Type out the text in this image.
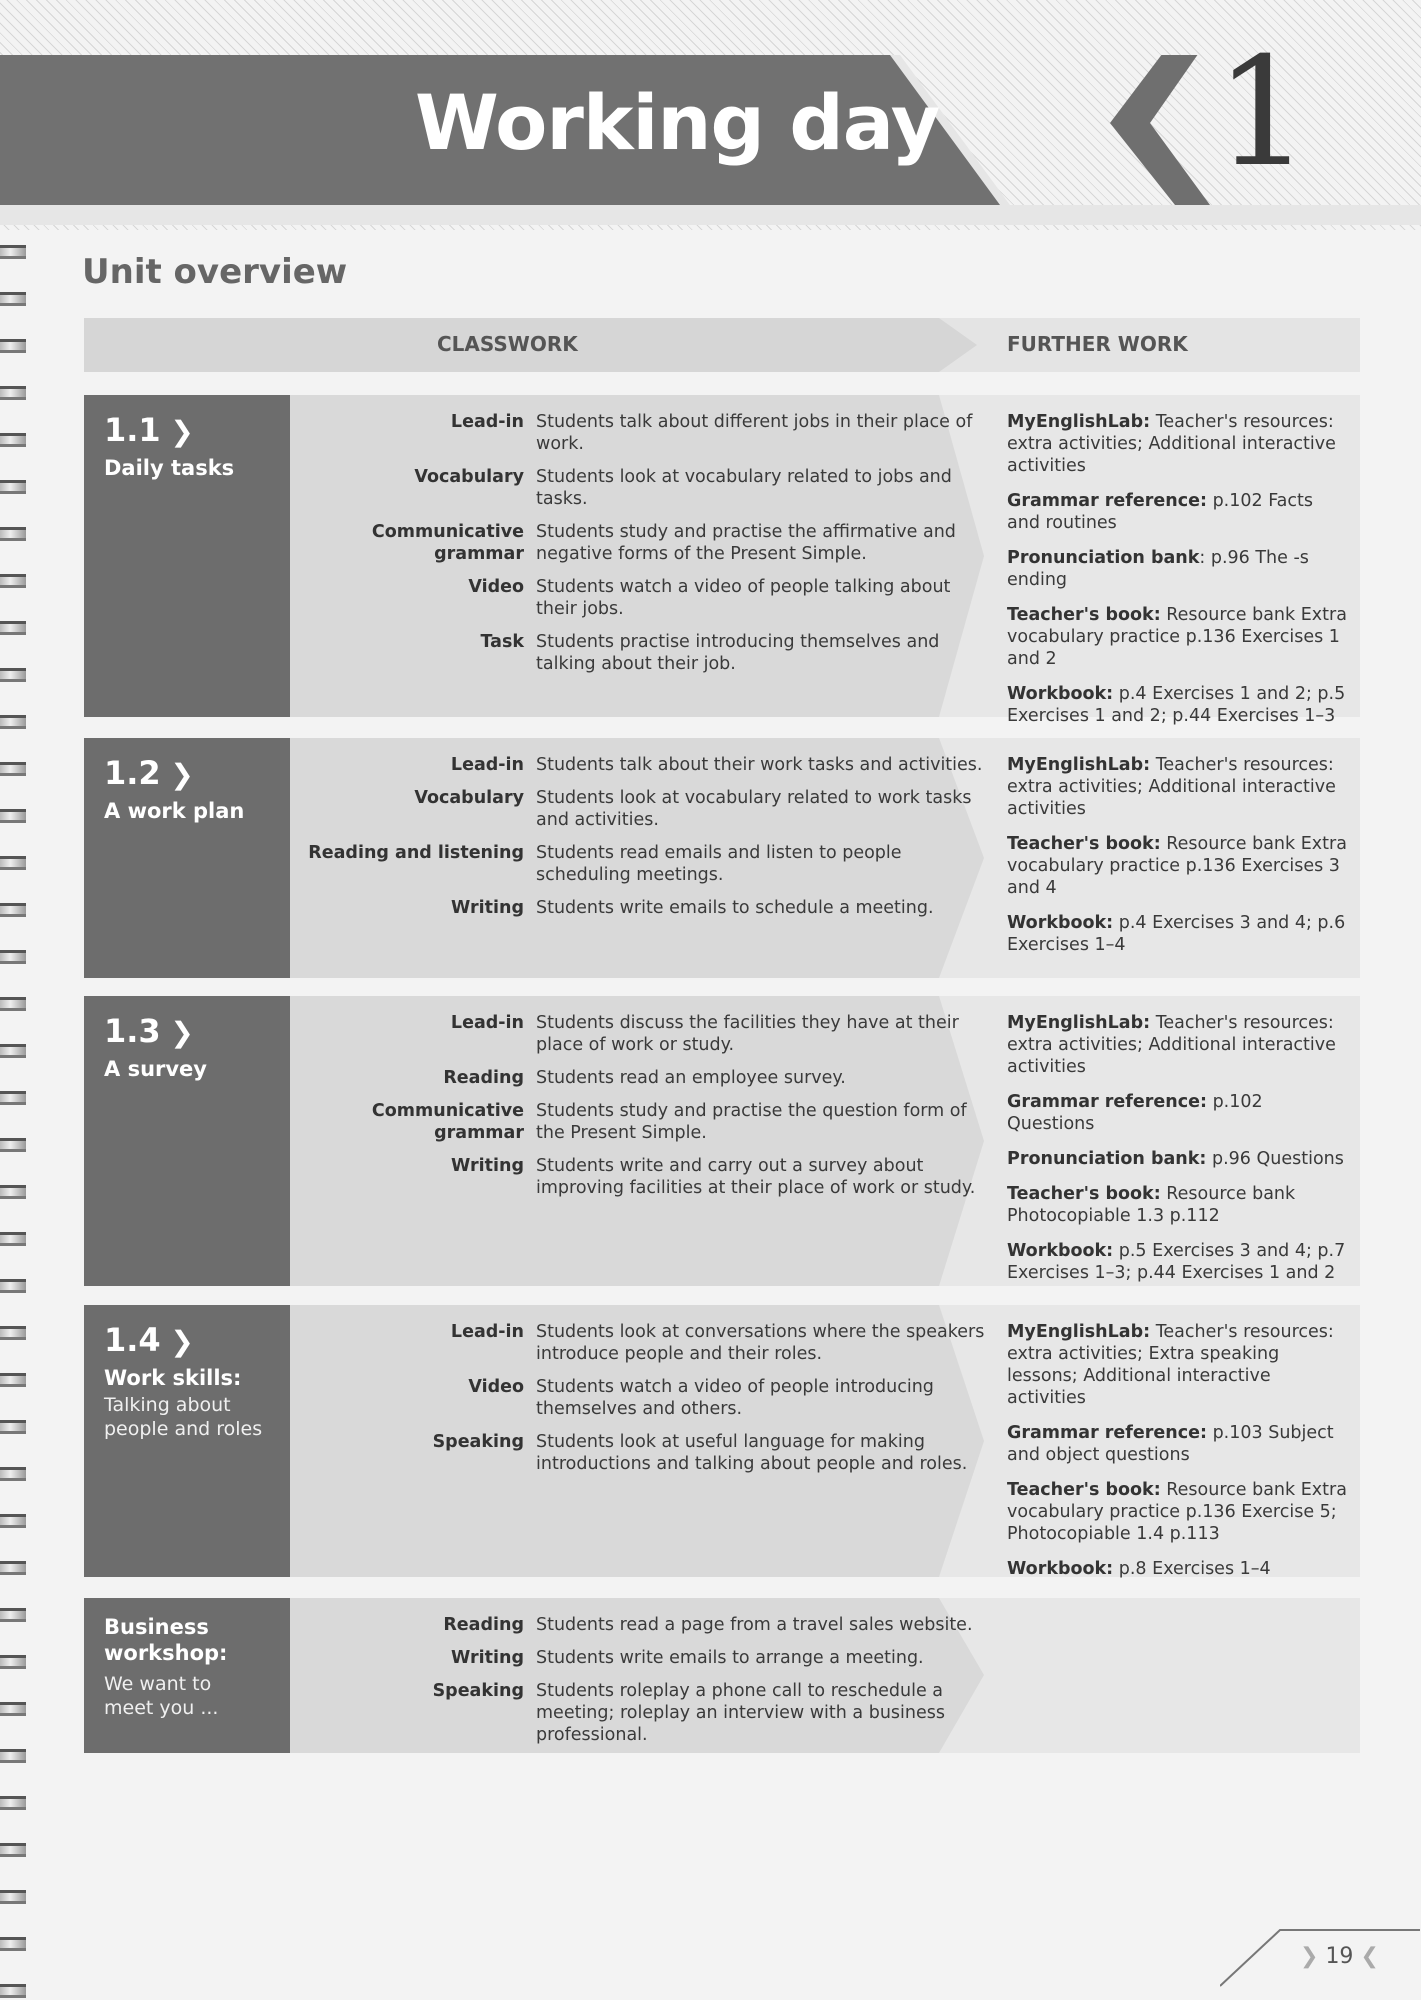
Working day 1
Unit overview
CLASSWORK	FURTHER WORK
1.1 ❯
Daily tasks
Lead-in Students talk about different jobs in their place of work.
Vocabulary Students look at vocabulary related to jobs and tasks.
Communicative grammar
Students study and practise the affirmative and negative forms of the Present Simple.
Video Students watch a video of people talking about their jobs.
Task Students practise introducing themselves and talking about their job.
MyEnglishLab: Teacher's resources: extra activities; Additional interactive activities
Grammar reference: p.102 Facts and routines
Pronunciation bank: p.96 The -s ending
Teacher's book: Resource bank Extra vocabulary practice p.136 Exercises 1 and 2
Workbook: p.4 Exercises 1 and 2; p.5 Exercises 1 and 2; p.44 Exercises 1–3
1.2 ❯
A work plan
Lead-in Students talk about their work tasks and activities.
Vocabulary Students look at vocabulary related to work tasks and activities.
Reading and listening Students read emails and listen to people scheduling meetings.
Writing Students write emails to schedule a meeting.
MyEnglishLab: Teacher's resources: extra activities; Additional interactive activities
Teacher's book: Resource bank Extra vocabulary practice p.136 Exercises 3 and 4
Workbook: p.4 Exercises 3 and 4; p.6 Exercises 1–4
1.3 ❯
A survey
Lead-in Students discuss the facilities they have at their place of work or study.
Reading Students read an employee survey.
Communicative grammar
Students study and practise the question form of the Present Simple.
Writing Students write and carry out a survey about improving facilities at their place of work or study.
MyEnglishLab: Teacher's resources: extra activities; Additional interactive activities
Grammar reference: p.102 Questions
Pronunciation bank: p.96 Questions
Teacher's book: Resource bank Photocopiable 1.3 p.112
Workbook: p.5 Exercises 3 and 4; p.7 Exercises 1–3; p.44 Exercises 1 and 2
1.4 ❯
Work skills:
Talking about people and roles
Lead-in Students look at conversations where the speakers introduce people and their roles.
Video Students watch a video of people introducing themselves and others.
Speaking Students look at useful language for making introductions and talking about people and roles.
MyEnglishLab: Teacher's resources: extra activities; Extra speaking lessons; Additional interactive activities
Grammar reference: p.103 Subject and object questions
Teacher's book: Resource bank Extra vocabulary practice p.136 Exercise 5; Photocopiable 1.4 p.113
Workbook: p.8 Exercises 1–4
Business workshop:
We want to meet you ...
Reading Students read a page from a travel sales website.
Writing Students write emails to arrange a meeting.
Speaking Students roleplay a phone call to reschedule a meeting; roleplay an interview with a business professional.
❯ 19 ❮
